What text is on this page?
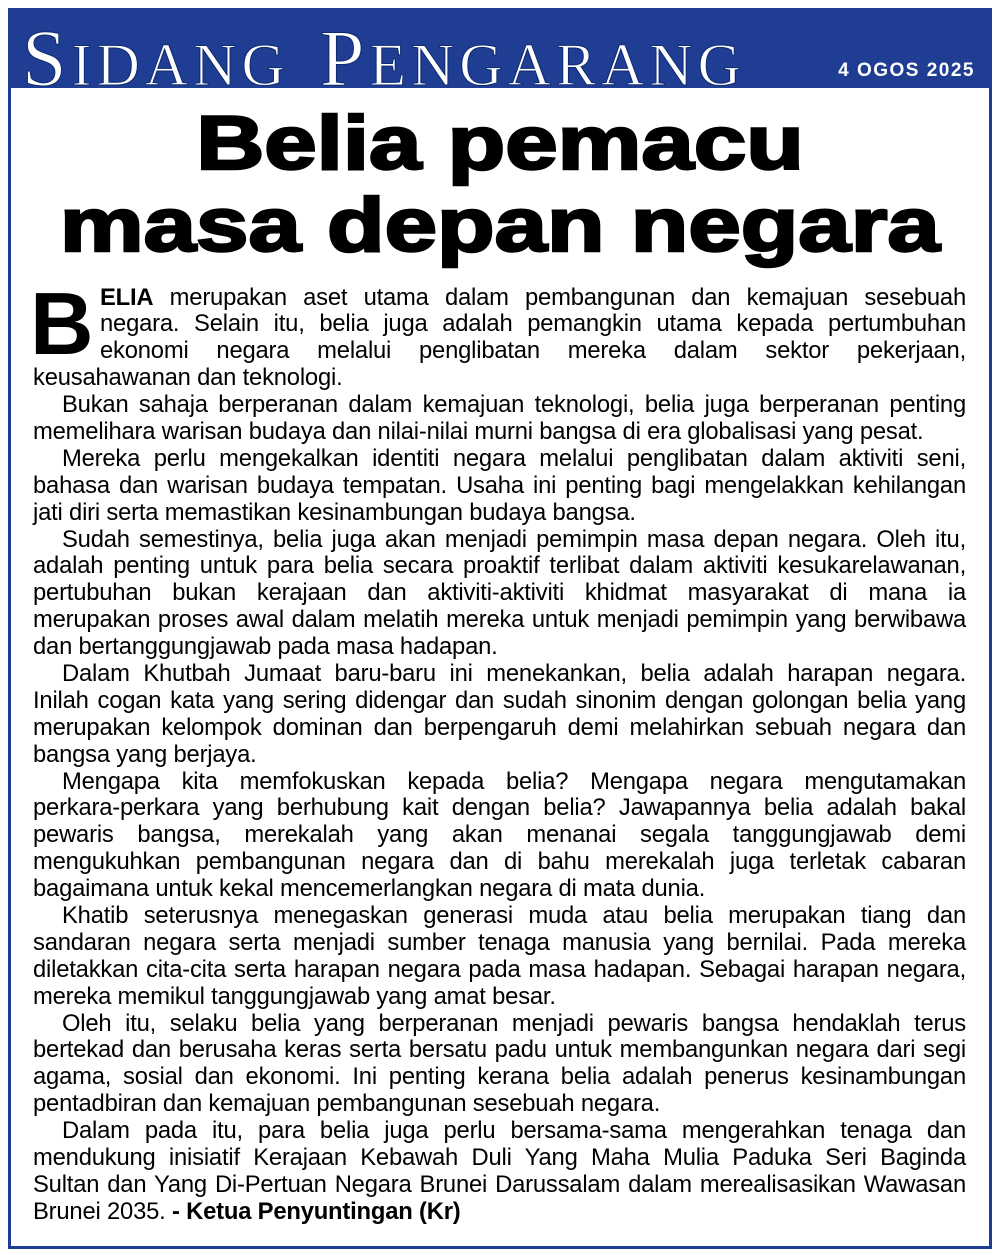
SIDANG PENGARANG	4 OGOS 2025
Belia pemacu
masa depan negara
B ELIA merupakan aset utama dalam pembangunan dan kemajuan sesebuah
negara. Selain itu, belia juga adalah pemangkin utama kepada pertumbuhan
ekonomi negara melalui penglibatan mereka dalam sektor pekerjaan,
keusahawanan dan teknologi.
Bukan sahaja berperanan dalam kemajuan teknologi, belia juga berperanan penting
memelihara warisan budaya dan nilai-nilai murni bangsa di era globalisasi yang pesat.
Mereka perlu mengekalkan identiti negara melalui penglibatan dalam aktiviti seni,
bahasa dan warisan budaya tempatan. Usaha ini penting bagi mengelakkan kehilangan
jati diri serta memastikan kesinambungan budaya bangsa.
Sudah semestinya, belia juga akan menjadi pemimpin masa depan negara. Oleh itu,
adalah penting untuk para belia secara proaktif terlibat dalam aktiviti kesukarelawanan,
pertubuhan bukan kerajaan dan aktiviti-aktiviti khidmat masyarakat di mana ia
merupakan proses awal dalam melatih mereka untuk menjadi pemimpin yang berwibawa
dan bertanggungjawab pada masa hadapan.
Dalam Khutbah Jumaat baru-baru ini menekankan, belia adalah harapan negara.
Inilah cogan kata yang sering didengar dan sudah sinonim dengan golongan belia yang
merupakan kelompok dominan dan berpengaruh demi melahirkan sebuah negara dan
bangsa yang berjaya.
Mengapa kita memfokuskan kepada belia? Mengapa negara mengutamakan
perkara-perkara yang berhubung kait dengan belia? Jawapannya belia adalah bakal
pewaris bangsa, merekalah yang akan menanai segala tanggungjawab demi
mengukuhkan pembangunan negara dan di bahu merekalah juga terletak cabaran
bagaimana untuk kekal mencemerlangkan negara di mata dunia.
Khatib seterusnya menegaskan generasi muda atau belia merupakan tiang dan
sandaran negara serta menjadi sumber tenaga manusia yang bernilai. Pada mereka
diletakkan cita-cita serta harapan negara pada masa hadapan. Sebagai harapan negara,
mereka memikul tanggungjawab yang amat besar.
Oleh itu, selaku belia yang berperanan menjadi pewaris bangsa hendaklah terus
bertekad dan berusaha keras serta bersatu padu untuk membangunkan negara dari segi
agama, sosial dan ekonomi. Ini penting kerana belia adalah penerus kesinambungan
pentadbiran dan kemajuan pembangunan sesebuah negara.
Dalam pada itu, para belia juga perlu bersama-sama mengerahkan tenaga dan
mendukung inisiatif Kerajaan Kebawah Duli Yang Maha Mulia Paduka Seri Baginda
Sultan dan Yang Di-Pertuan Negara Brunei Darussalam dalam merealisasikan Wawasan
Brunei 2035. - Ketua Penyuntingan (Kr)
